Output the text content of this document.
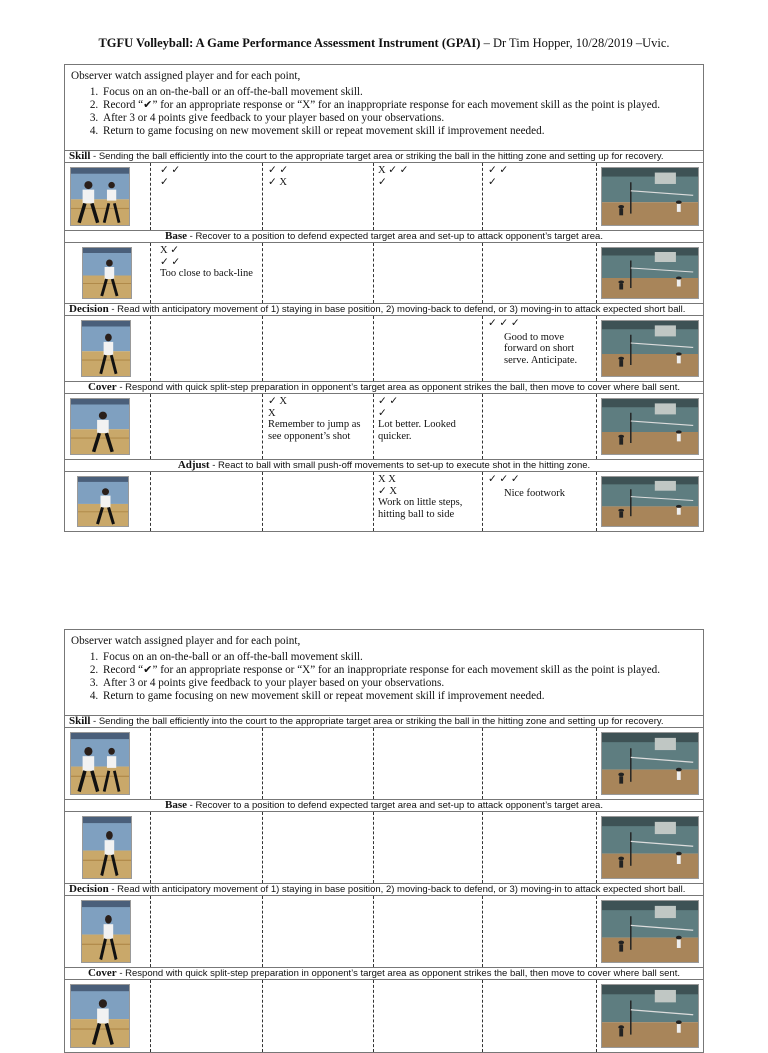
TGFU Volleyball: A Game Performance Assessment Instrument (GPAI) – Dr Tim Hopper, 10/28/2019 –Uvic.
Observer watch assigned player and for each point,
1. Focus on an on-the-ball or an off-the-ball movement skill.
2. Record “✔” for an appropriate response or “X” for an inappropriate response for each movement skill as the point is played.
3. After 3 or 4 points give feedback to your player based on your observations.
4. Return to game focusing on new movement skill or repeat movement skill if improvement needed.
Skill - Sending the ball efficiently into the court to the appropriate target area or striking the ball in the hitting zone and setting up for recovery.
✓ ✓
✓
✓ ✓
✓ X
X ✓ ✓
✓
✓ ✓
✓
Base - Recover to a position to defend expected target area and set-up to attack opponent’s target area.
X ✓
✓ ✓
Too close to back-line
Decision - Read with anticipatory movement of 1) staying in base position, 2) moving-back to defend, or 3) moving-in to attack expected short ball.
✓ ✓ ✓
Good to move forward on short serve. Anticipate.
Cover - Respond with quick split-step preparation in opponent’s target area as opponent strikes the ball, then move to cover where ball sent.
✓ X
X
Remember to jump as see opponent’s shot
✓ ✓
✓
Lot better. Looked quicker.
Adjust - React to ball with small push-off movements to set-up to execute shot in the hitting zone.
X X
✓ X
Work on little steps, hitting ball to side
✓ ✓ ✓
Nice footwork
Observer watch assigned player and for each point,
1. Focus on an on-the-ball or an off-the-ball movement skill.
2. Record “✔” for an appropriate response or “X” for an inappropriate response for each movement skill as the point is played.
3. After 3 or 4 points give feedback to your player based on your observations.
4. Return to game focusing on new movement skill or repeat movement skill if improvement needed.
Skill - Sending the ball efficiently into the court to the appropriate target area or striking the ball in the hitting zone and setting up for recovery.
Base - Recover to a position to defend expected target area and set-up to attack opponent’s target area.
Decision - Read with anticipatory movement of 1) staying in base position, 2) moving-back to defend, or 3) moving-in to attack expected short ball.
Cover - Respond with quick split-step preparation in opponent’s target area as opponent strikes the ball, then move to cover where ball sent.
